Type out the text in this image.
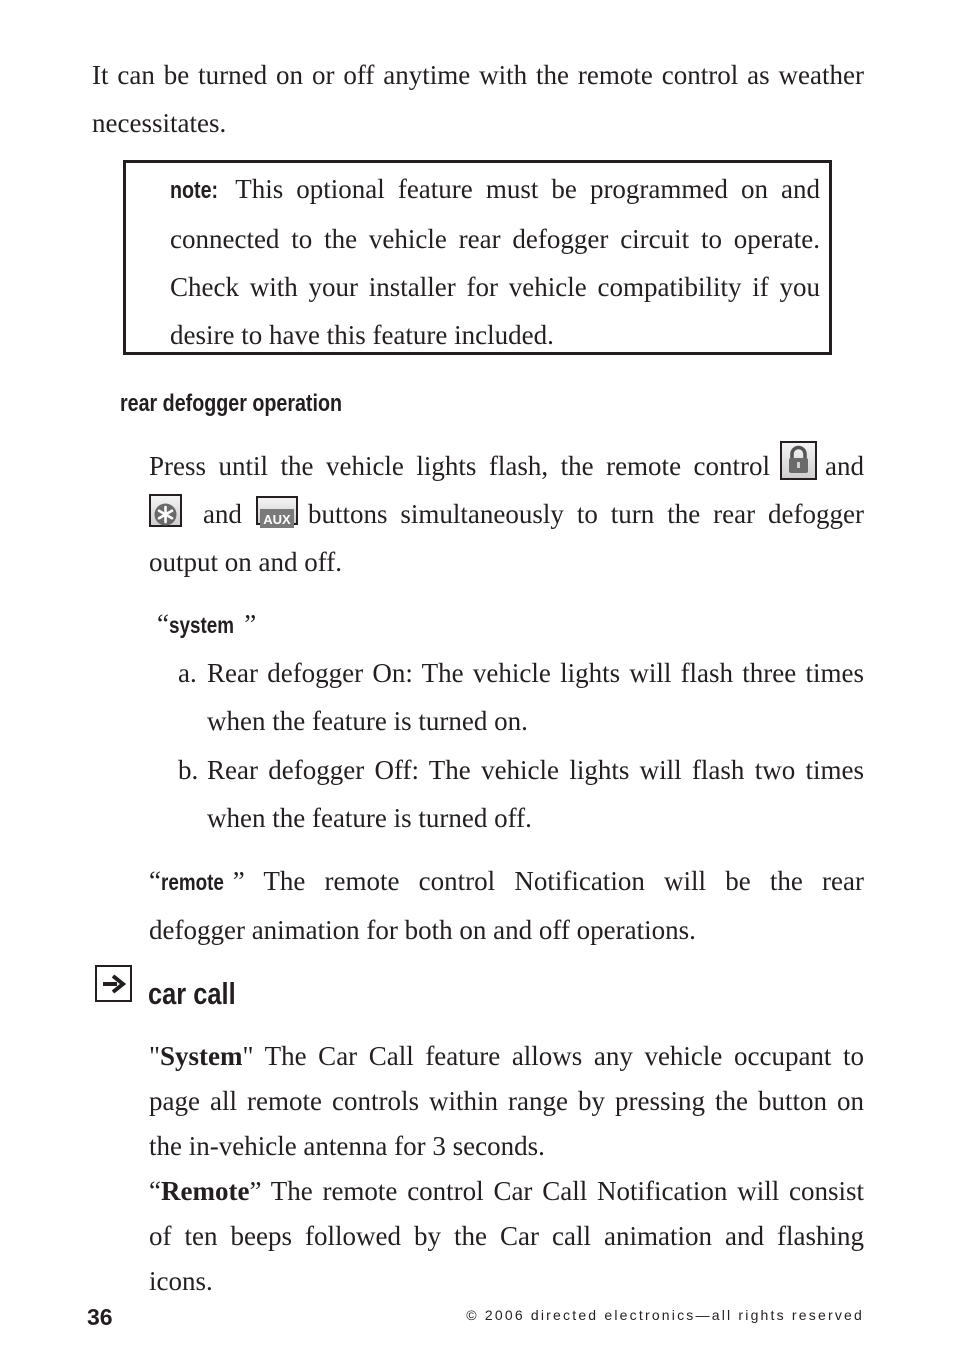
It can be turned on or off anytime with the remote control as weather necessitates.
note: This optional feature must be programmed on and connected to the vehicle rear defogger circuit to operate. Check with your installer for vehicle compatibility if you desire to have this feature included.
rear defogger operation
Press until the vehicle lights flash, the remote control and  and AUX buttons simultaneously to turn the rear defogger output on and off.
“system ”
a. Rear defogger On: The vehicle lights will flash three times when the feature is turned on.
b. Rear defogger Off: The vehicle lights will flash two times when the feature is turned off.
“remote ” The remote control Notification will be the rear defogger animation for both on and off operations.
car call

"System" The Car Call feature allows any vehicle occupant to page all remote controls within range by pressing the button on the in-vehicle antenna for 3 seconds.

“Remote” The remote control Car Call Notification will consist of ten beeps followed by the Car call animation and flashing icons.

36	© 2006 directed electronics—all rights reserved
